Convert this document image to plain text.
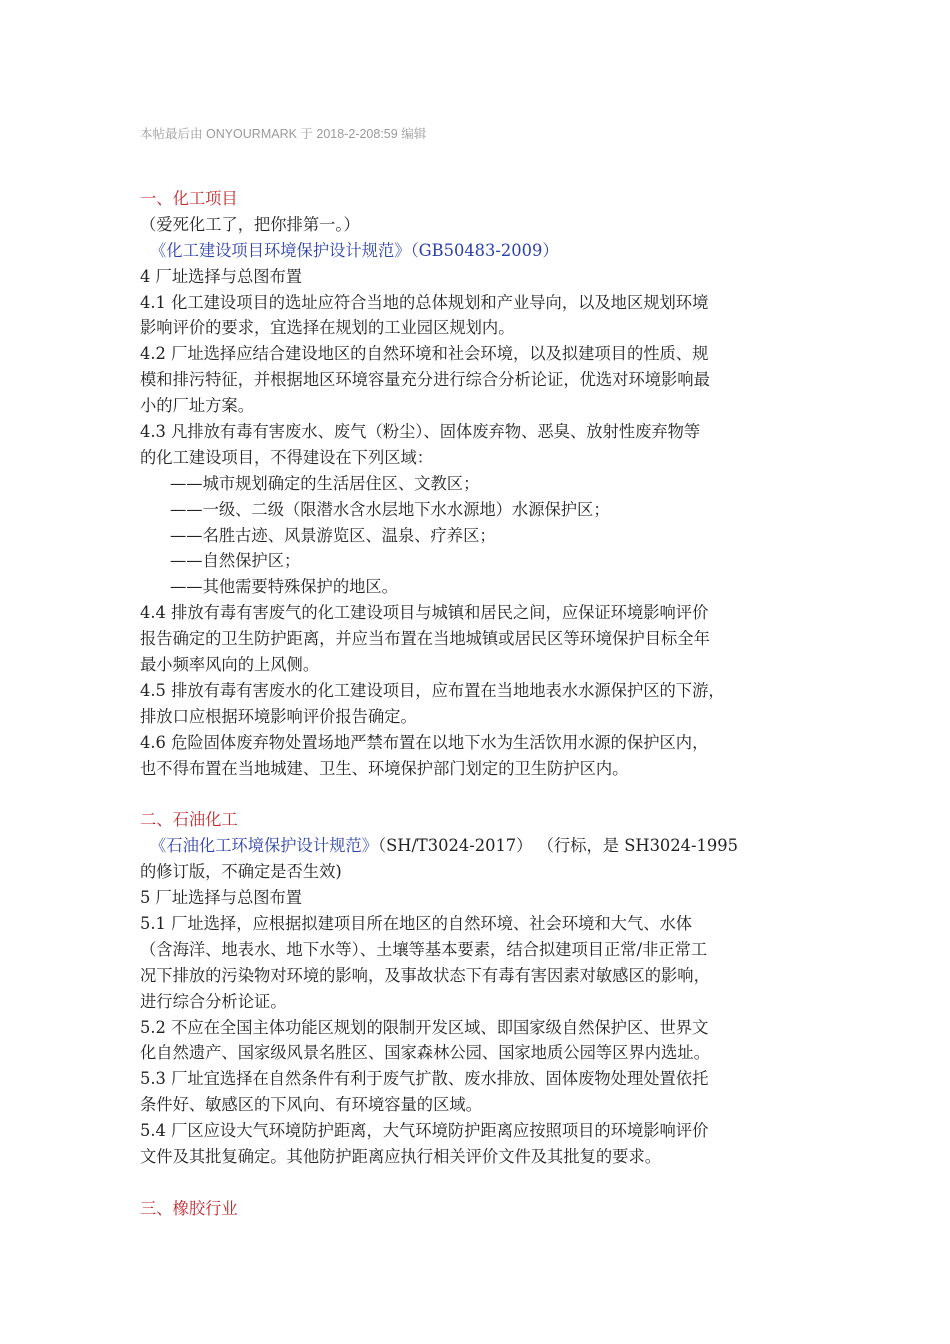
本帖最后由 ONYOURMARK 于 2018-2-208:59 编辑
一、化工项目
（爱死化工了，把你排第一。）
《化工建设项目环境保护设计规范》（GB50483-2009）
4 厂址选择与总图布置
4.1 化工建设项目的选址应符合当地的总体规划和产业导向，以及地区规划环境
影响评价的要求，宜选择在规划的工业园区规划内。
4.2 厂址选择应结合建设地区的自然环境和社会环境，以及拟建项目的性质、规
模和排污特征，并根据地区环境容量充分进行综合分析论证，优选对环境影响最
小的厂址方案。
4.3 凡排放有毒有害废水、废气（粉尘）、固体废弃物、恶臭、放射性废弃物等
的化工建设项目，不得建设在下列区域：
——城市规划确定的生活居住区、文教区；
——一级、二级（限潜水含水层地下水水源地）水源保护区；
——名胜古迹、风景游览区、温泉、疗养区；
——自然保护区；
——其他需要特殊保护的地区。
4.4 排放有毒有害废气的化工建设项目与城镇和居民之间，应保证环境影响评价
报告确定的卫生防护距离，并应当布置在当地城镇或居民区等环境保护目标全年
最小频率风向的上风侧。
4.5 排放有毒有害废水的化工建设项目，应布置在当地地表水水源保护区的下游，
排放口应根据环境影响评价报告确定。
4.6 危险固体废弃物处置场地严禁布置在以地下水为生活饮用水源的保护区内，
也不得布置在当地城建、卫生、环境保护部门划定的卫生防护区内。
二、石油化工
《石油化工环境保护设计规范》（SH/T3024-2017） （行标，是 SH3024-1995
的修订版，不确定是否生效)
5 厂址选择与总图布置
5.1 厂址选择，应根据拟建项目所在地区的自然环境、社会环境和大气、水体
（含海洋、地表水、地下水等）、土壤等基本要素，结合拟建项目正常/非正常工
况下排放的污染物对环境的影响，及事故状态下有毒有害因素对敏感区的影响，
进行综合分析论证。
5.2 不应在全国主体功能区规划的限制开发区域、即国家级自然保护区、世界文
化自然遗产、国家级风景名胜区、国家森林公园、国家地质公园等区界内选址。
5.3 厂址宜选择在自然条件有利于废气扩散、废水排放、固体废物处理处置依托
条件好、敏感区的下风向、有环境容量的区域。
5.4 厂区应设大气环境防护距离，大气环境防护距离应按照项目的环境影响评价
文件及其批复确定。其他防护距离应执行相关评价文件及其批复的要求。
三、橡胶行业
